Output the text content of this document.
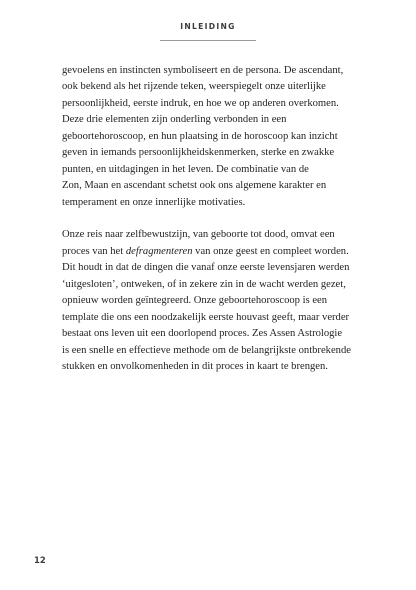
INLEIDING

gevoelens en instincten symboliseert en de persona. De ascendant,
ook bekend als het rijzende teken, weerspiegelt onze uiterlijke
persoonlijkheid, eerste indruk, en hoe we op anderen overkomen.
Deze drie elementen zijn onderling verbonden in een
geboortehoroscoop, en hun plaatsing in de horoscoop kan inzicht
geven in iemands persoonlijkheidskenmerken, sterke en zwakke
punten, en uitdagingen in het leven. De combinatie van de
Zon, Maan en ascendant schetst ook ons algemene karakter en
temperament en onze innerlijke motivaties.

Onze reis naar zelfbewustzijn, van geboorte tot dood, omvat een
proces van het defragmenteren van onze geest en compleet worden.
Dit houdt in dat de dingen die vanaf onze eerste levensjaren werden
‘uitgesloten’, ontweken, of in zekere zin in de wacht werden gezet,
opnieuw worden geïntegreerd. Onze geboortehoroscoop is een
template die ons een noodzakelijk eerste houvast geeft, maar verder
bestaat ons leven uit een doorlopend proces. Zes Assen Astrologie
is een snelle en effectieve methode om de belangrijkste ontbrekende
stukken en onvolkomenheden in dit proces in kaart te brengen.

12
